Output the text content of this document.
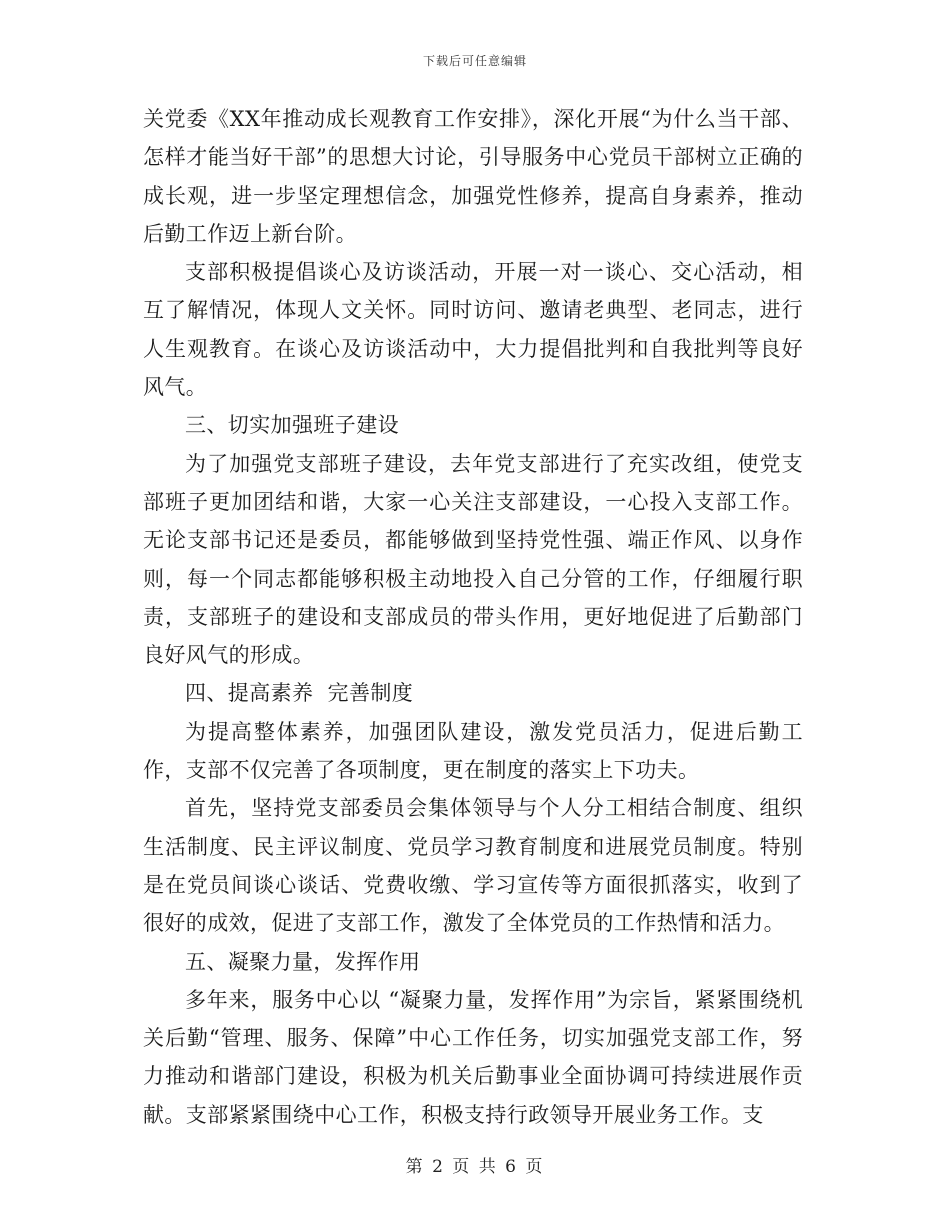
下载后可任意编辑

关党委《XX年推动成长观教育工作安排》，深化开展“为什么当干部、怎样才能当好干部”的思想大讨论，引导服务中心党员干部树立正确的成长观，进一步坚定理想信念，加强党性修养，提高自身素养，推动后勤工作迈上新台阶。

支部积极提倡谈心及访谈活动，开展一对一谈心、交心活动，相互了解情况，体现人文关怀。同时访问、邀请老典型、老同志，进行人生观教育。在谈心及访谈活动中，大力提倡批判和自我批判等良好风气。

三、切实加强班子建设

为了加强党支部班子建设，去年党支部进行了充实改组，使党支部班子更加团结和谐，大家一心关注支部建设，一心投入支部工作。无论支部书记还是委员，都能够做到坚持党性强、端正作风、以身作则，每一个同志都能够积极主动地投入自己分管的工作，仔细履行职责，支部班子的建设和支部成员的带头作用，更好地促进了后勤部门良好风气的形成。

四、提高素养  完善制度

为提高整体素养，加强团队建设，激发党员活力，促进后勤工作，支部不仅完善了各项制度，更在制度的落实上下功夫。

首先，坚持党支部委员会集体领导与个人分工相结合制度、组织生活制度、民主评议制度、党员学习教育制度和进展党员制度。特别是在党员间谈心谈话、党费收缴、学习宣传等方面很抓落实，收到了很好的成效，促进了支部工作，激发了全体党员的工作热情和活力。

五、凝聚力量，发挥作用

多年来，服务中心以 “凝聚力量，发挥作用”为宗旨，紧紧围绕机关后勤“管理、服务、保障”中心工作任务，切实加强党支部工作，努力推动和谐部门建设，积极为机关后勤事业全面协调可持续进展作贡献。支部紧紧围绕中心工作，积极支持行政领导开展业务工作。支

第 2 页 共 6 页
